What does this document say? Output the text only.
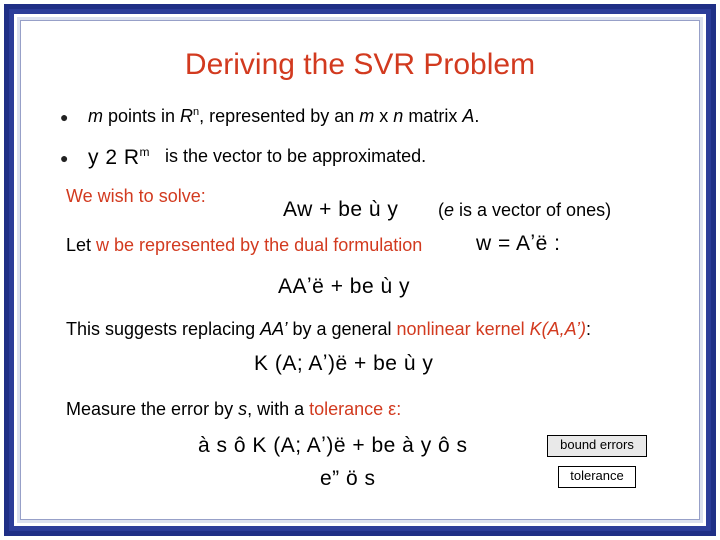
Deriving the SVR Problem
● m points in $R^n$, represented by an m x n matrix A.
● y 2 $R^m$ is the vector to be approximated.
We wish to solve:
Aw + be ù y (e is a vector of ones)
Let w be represented by the dual formulation	w = Aʼë :
AAʼë + be ù y
This suggests replacing AA’ by a general nonlinear kernel K(A,A’):
K (A; Aʼ)ë + be ù y
Measure the error by s, with a tolerance ε:
à s ô K (A; Aʼ)ë + be à y ô s
e” ö s
bound errors
tolerance
